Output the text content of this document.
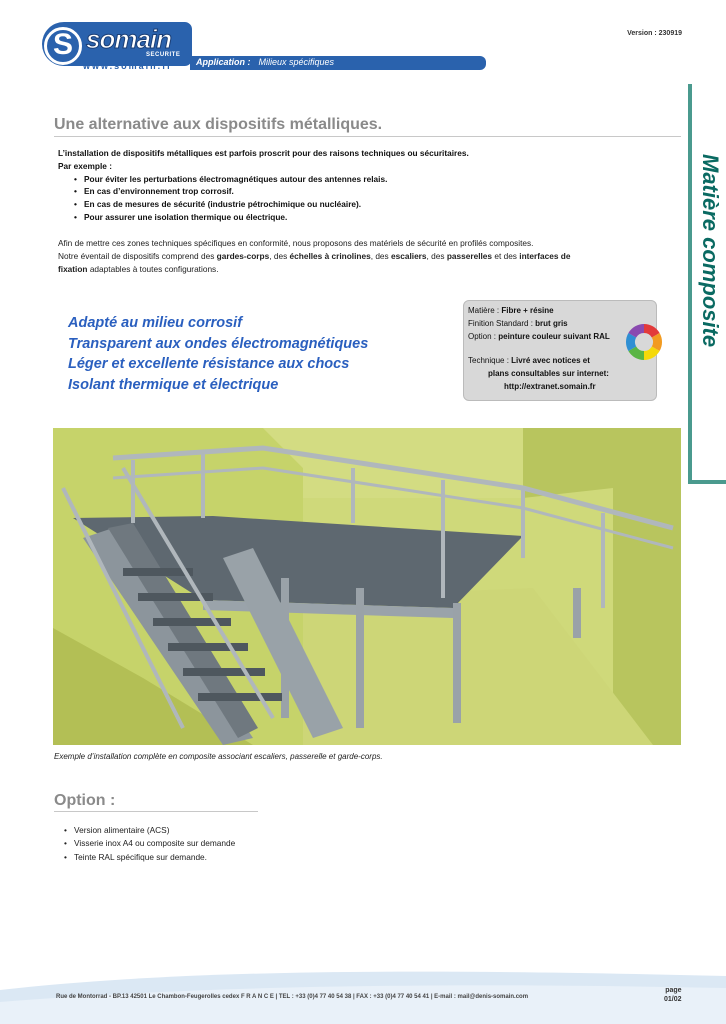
S somain
SECURITE
www.somain.fr	Application : Milieux spécifiques
Version : 230919
Matière composite
Une alternative aux dispositifs métalliques.
L’installation de dispositifs métalliques est parfois proscrit pour des raisons techniques ou sécuritaires.
Par exemple :
• Pour éviter les perturbations électromagnétiques autour des antennes relais.
• En cas d’environnement trop corrosif.
• En cas de mesures de sécurité (industrie pétrochimique ou nucléaire).
• Pour assurer une isolation thermique ou électrique.
Afin de mettre ces zones techniques spécifiques en conformité, nous proposons des matériels de sécurité en profilés composites.
Notre éventail de dispositifs comprend des gardes-corps, des échelles à crinolines, des escaliers, des passerelles et des interfaces de
fixation adaptables à toutes configurations.
Adapté au milieu corrosif
Transparent aux ondes électromagnétiques
Léger et excellente résistance aux chocs
Isolant thermique et électrique
Matière : Fibre + résine
Finition Standard : brut gris
Option : peinture couleur suivant RAL
Technique : Livré avec notices et
plans consultables sur internet:
http://extranet.somain.fr
Exemple d’installation complète en composite associant escaliers, passerelle et garde-corps.
Option :
• Version alimentaire (ACS)
• Visserie inox A4 ou composite sur demande
• Teinte RAL spécifique sur demande.
Rue de Montorrad - BP.13 42501 Le Chambon-Feugerolles cedex F R A N C E | TEL : +33 (0)4 77 40 54 38 | FAX : +33 (0)4 77 40 54 41 | E-mail : mail@denis-somain.com
page
01/02
